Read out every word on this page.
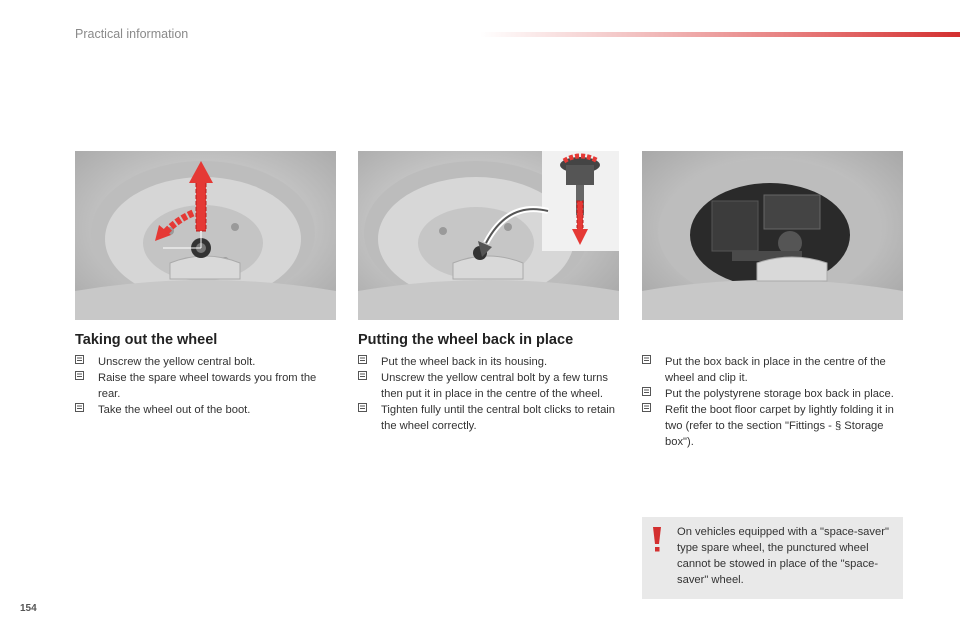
Practical information
Taking out the wheel	Putting the wheel back in place
Unscrew the yellow central bolt.
Raise the spare wheel towards you from the rear.
Take the wheel out of the boot.
Put the wheel back in its housing.
Unscrew the yellow central bolt by a few turns then put it in place in the centre of the wheel.
Tighten fully until the central bolt clicks to retain the wheel correctly.
Put the box back in place in the centre of the wheel and clip it.
Put the polystyrene storage box back in place.
Refit the boot floor carpet by lightly folding it in two (refer to the section "Fittings - § Storage box").
On vehicles equipped with a "space-saver" type spare wheel, the punctured wheel cannot be stowed in place of the "space-saver" wheel.
154
